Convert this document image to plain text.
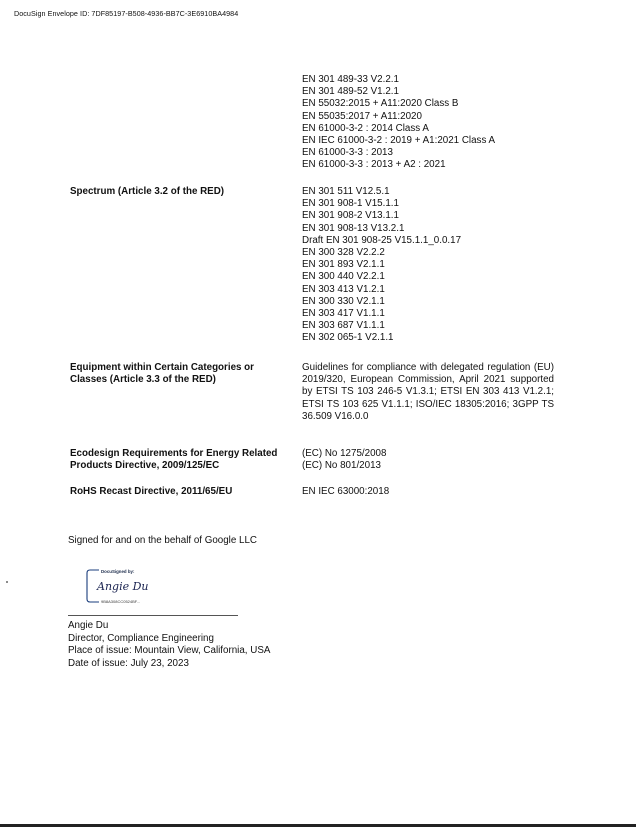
DocuSign Envelope ID: 7DF85197-B508-4936-BB7C-3E6910BA4984
EN 301 489-33 V2.2.1
EN 301 489-52 V1.2.1
EN 55032:2015 + A11:2020 Class B
EN 55035:2017 + A11:2020
EN 61000-3-2 : 2014 Class A
EN IEC 61000-3-2 : 2019 + A1:2021 Class A
EN 61000-3-3 : 2013
EN 61000-3-3 : 2013 + A2 : 2021
Spectrum (Article 3.2 of the RED)	EN 301 511 V12.5.1
EN 301 908-1 V15.1.1
EN 301 908-2 V13.1.1
EN 301 908-13 V13.2.1
Draft EN 301 908-25 V15.1.1_0.0.17
EN 300 328 V2.2.2
EN 301 893 V2.1.1
EN 300 440 V2.2.1
EN 303 413 V1.2.1
EN 300 330 V2.1.1
EN 303 417 V1.1.1
EN 303 687 V1.1.1
EN 302 065-1 V2.1.1
Equipment within Certain Categories or Classes (Article 3.3 of the RED)
Guidelines for compliance with delegated regulation (EU) 2019/320, European Commission, April 2021 supported by ETSI TS 103 246-5 V1.3.1; ETSI EN 303 413 V1.2.1; ETSI TS 103 625 V1.1.1; ISO/IEC 18305:2016; 3GPP TS 36.509 V16.0.0
Ecodesign Requirements for Energy Related Products Directive, 2009/125/EC
(EC) No 1275/2008
(EC) No 801/2013
RoHS Recast Directive, 2011/65/EU	EN IEC 63000:2018
Signed for and on the behalf of Google LLC
DocuSigned by:
Angie Du
9B8A308CC0524BF...
Angie Du
Director, Compliance Engineering
Place of issue: Mountain View, California, USA
Date of issue: July 23, 2023
